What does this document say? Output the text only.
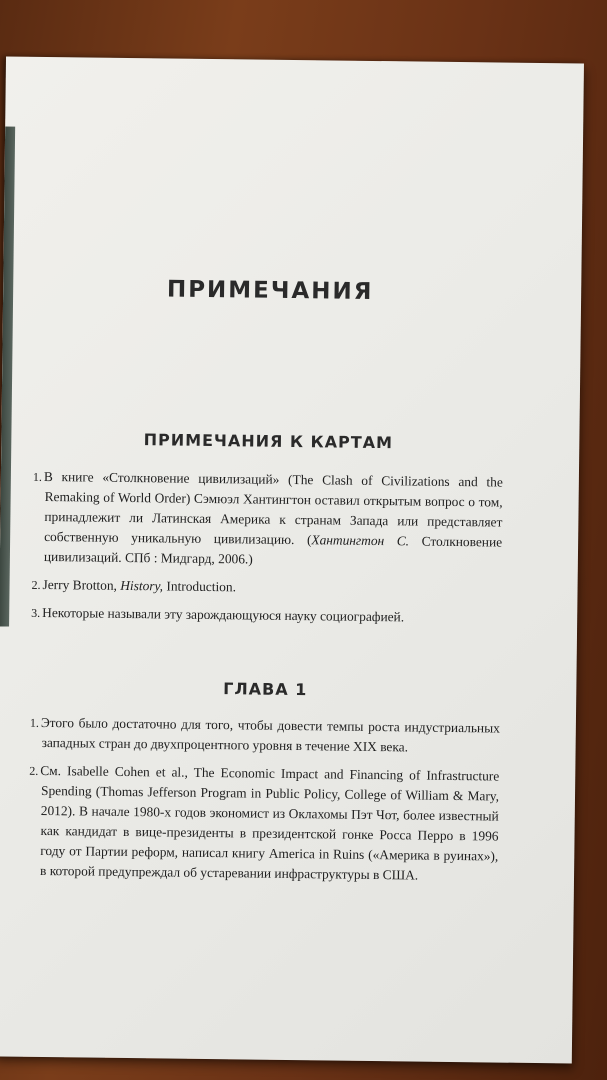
ПРИМЕЧАНИЯ
ПРИМЕЧАНИЯ К КАРТАМ
1. В книге «Столкновение цивилизаций» (The Clash of Civilizations and the Remaking of World Order) Сэмюэл Хантингтон оставил открытым вопрос о том, принадлежит ли Латинская Америка к странам Запада или представляет собственную уникальную цивилизацию. (Хантингтон С. Столкновение цивилизаций. СПб : Мидгард, 2006.)
2. Jerry Brotton, History, Introduction.
3. Некоторые называли эту зарождающуюся науку социографией.
ГЛАВА 1
1. Этого было достаточно для того, чтобы довести темпы роста индустриальных западных стран до двухпроцентного уровня в течение XIX века.
2. См. Isabelle Cohen et al., The Economic Impact and Financing of Infrastructure Spending (Thomas Jefferson Program in Public Policy, College of William & Mary, 2012). В начале 1980-х годов экономист из Оклахомы Пэт Чот, более известный как кандидат в вице-президенты в президентской гонке Росса Перро в 1996 году от Партии реформ, написал книгу America in Ruins («Америка в руинах»), в которой предупреждал об устаревании инфраструктуры в США.
